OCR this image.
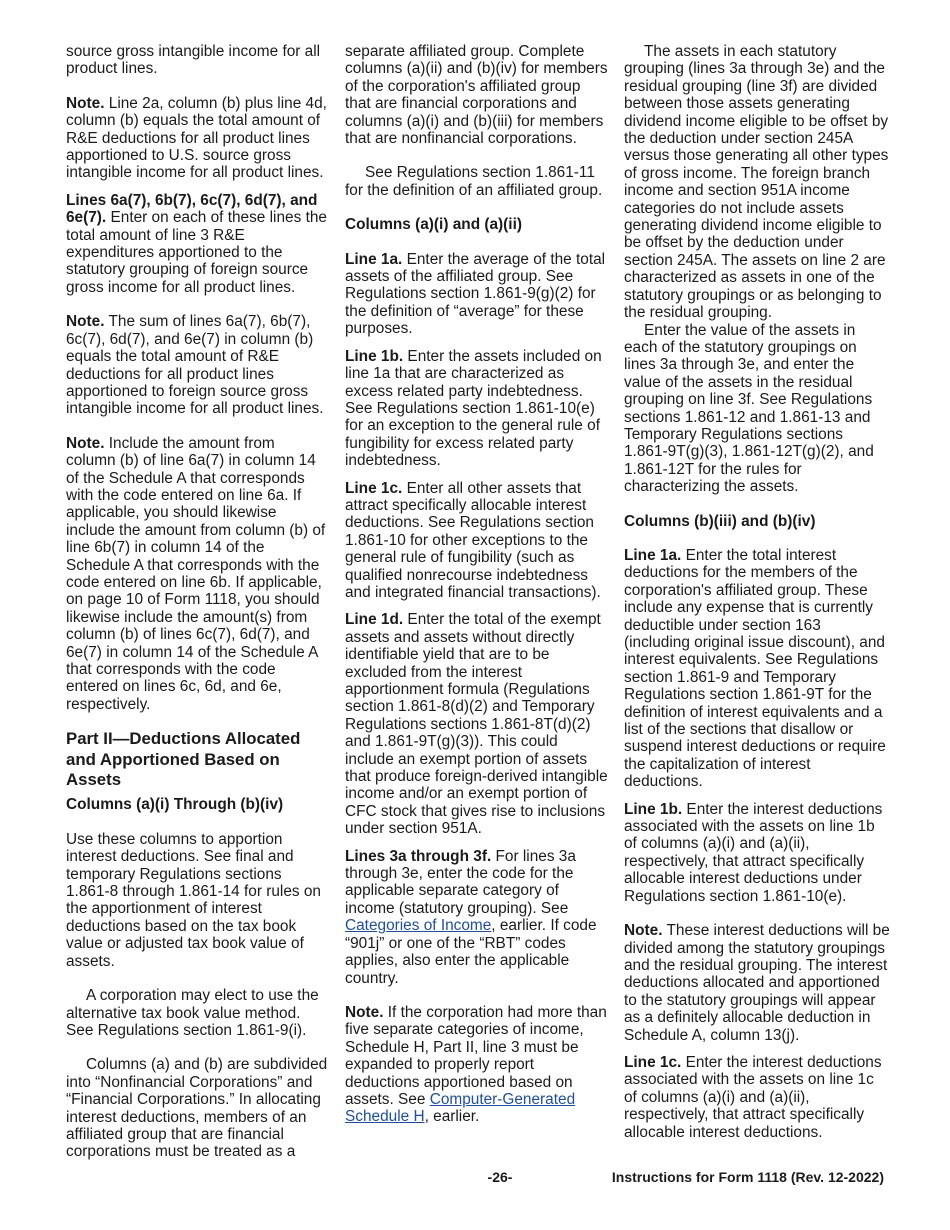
source gross intangible income for all product lines.

Note. Line 2a, column (b) plus line 4d, column (b) equals the total amount of R&E deductions for all product lines apportioned to U.S. source gross intangible income for all product lines.

Lines 6a(7), 6b(7), 6c(7), 6d(7), and 6e(7). Enter on each of these lines the total amount of line 3 R&E expenditures apportioned to the statutory grouping of foreign source gross income for all product lines.

Note. The sum of lines 6a(7), 6b(7), 6c(7), 6d(7), and 6e(7) in column (b) equals the total amount of R&E deductions for all product lines apportioned to foreign source gross intangible income for all product lines.

Note. Include the amount from column (b) of line 6a(7) in column 14 of the Schedule A that corresponds with the code entered on line 6a. If applicable, you should likewise include the amount from column (b) of line 6b(7) in column 14 of the Schedule A that corresponds with the code entered on line 6b. If applicable, on page 10 of Form 1118, you should likewise include the amount(s) from column (b) of lines 6c(7), 6d(7), and 6e(7) in column 14 of the Schedule A that corresponds with the code entered on lines 6c, 6d, and 6e, respectively.

Part II—Deductions Allocated and Apportioned Based on Assets
Columns (a)(i) Through (b)(iv)

Use these columns to apportion interest deductions. See final and temporary Regulations sections 1.861-8 through 1.861-14 for rules on the apportionment of interest deductions based on the tax book value or adjusted tax book value of assets.

A corporation may elect to use the alternative tax book value method. See Regulations section 1.861-9(i).

Columns (a) and (b) are subdivided into “Nonfinancial Corporations” and “Financial Corporations.” In allocating interest deductions, members of an affiliated group that are financial corporations must be treated as a

separate affiliated group. Complete columns (a)(ii) and (b)(iv) for members of the corporation's affiliated group that are financial corporations and columns (a)(i) and (b)(iii) for members that are nonfinancial corporations.

See Regulations section 1.861-11 for the definition of an affiliated group.

Columns (a)(i) and (a)(ii)

Line 1a. Enter the average of the total assets of the affiliated group. See Regulations section 1.861-9(g)(2) for the definition of “average” for these purposes.

Line 1b. Enter the assets included on line 1a that are characterized as excess related party indebtedness. See Regulations section 1.861-10(e) for an exception to the general rule of fungibility for excess related party indebtedness.

Line 1c. Enter all other assets that attract specifically allocable interest deductions. See Regulations section 1.861-10 for other exceptions to the general rule of fungibility (such as qualified nonrecourse indebtedness and integrated financial transactions).

Line 1d. Enter the total of the exempt assets and assets without directly identifiable yield that are to be excluded from the interest apportionment formula (Regulations section 1.861-8(d)(2) and Temporary Regulations sections 1.861-8T(d)(2) and 1.861-9T(g)(3)). This could include an exempt portion of assets that produce foreign-derived intangible income and/or an exempt portion of CFC stock that gives rise to inclusions under section 951A.

Lines 3a through 3f. For lines 3a through 3e, enter the code for the applicable separate category of income (statutory grouping). See Categories of Income, earlier. If code “901j” or one of the “RBT” codes applies, also enter the applicable country.

Note. If the corporation had more than five separate categories of income, Schedule H, Part II, line 3 must be expanded to properly report deductions apportioned based on assets. See Computer-Generated Schedule H, earlier.

The assets in each statutory grouping (lines 3a through 3e) and the residual grouping (line 3f) are divided between those assets generating dividend income eligible to be offset by the deduction under section 245A versus those generating all other types of gross income. The foreign branch income and section 951A income categories do not include assets generating dividend income eligible to be offset by the deduction under section 245A. The assets on line 2 are characterized as assets in one of the statutory groupings or as belonging to the residual grouping.

Enter the value of the assets in each of the statutory groupings on lines 3a through 3e, and enter the value of the assets in the residual grouping on line 3f. See Regulations sections 1.861-12 and 1.861-13 and Temporary Regulations sections 1.861-9T(g)(3), 1.861-12T(g)(2), and 1.861-12T for the rules for characterizing the assets.

Columns (b)(iii) and (b)(iv)

Line 1a. Enter the total interest deductions for the members of the corporation's affiliated group. These include any expense that is currently deductible under section 163 (including original issue discount), and interest equivalents. See Regulations section 1.861-9 and Temporary Regulations section 1.861-9T for the definition of interest equivalents and a list of the sections that disallow or suspend interest deductions or require the capitalization of interest deductions.

Line 1b. Enter the interest deductions associated with the assets on line 1b of columns (a)(i) and (a)(ii), respectively, that attract specifically allocable interest deductions under Regulations section 1.861-10(e).

Note. These interest deductions will be divided among the statutory groupings and the residual grouping. The interest deductions allocated and apportioned to the statutory groupings will appear as a definitely allocable deduction in Schedule A, column 13(j).

Line 1c. Enter the interest deductions associated with the assets on line 1c of columns (a)(i) and (a)(ii), respectively, that attract specifically allocable interest deductions.

-26-	Instructions for Form 1118 (Rev. 12-2022)
